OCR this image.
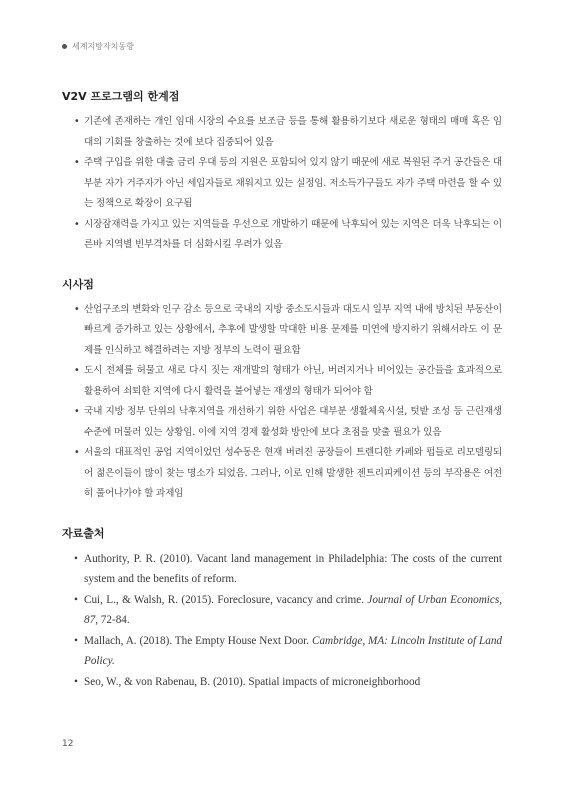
세계지방자치동향
V2V 프로그램의 한계점
• 기존에 존재하는 개인 임대 시장의 수요를 보조금 등을 통해 활용하기보다 새로운 형태의 매매 혹은 임대의 기회를 창출하는 것에 보다 집중되어 있음
• 주택 구입을 위한 대출 금리 우대 등의 지원은 포함되어 있지 않기 때문에 새로 복원된 주거 공간들은 대부분 자가 거주자가 아닌 세입자들로 채워지고 있는 실정임. 저소득가구들도 자가 주택 마련을 할 수 있는 정책으로 확장이 요구됨
• 시장잠재력을 가지고 있는 지역들을 우선으로 개발하기 때문에 낙후되어 있는 지역은 더욱 낙후되는 이른바 지역별 빈부격차를 더 심화시킬 우려가 있음
시사점
• 산업구조의 변화와 인구 감소 등으로 국내의 지방 중소도시들과 대도시 일부 지역 내에 방치된 부동산이 빠르게 증가하고 있는 상황에서, 추후에 발생할 막대한 비용 문제를 미연에 방지하기 위해서라도 이 문제를 인식하고 해결하려는 지방 정부의 노력이 필요함
• 도시 전체를 허물고 새로 다시 짓는 재개발의 형태가 아닌, 버려지거나 비어있는 공간들을 효과적으로 활용하여 쇠퇴한 지역에 다시 활력을 불어넣는 재생의 형태가 되어야 함
• 국내 지방 정부 단위의 낙후지역을 개선하기 위한 사업은 대부분 생활체육시설, 텃밭 조성 등 근린재생 수준에 머물러 있는 상황임. 이에 지역 경제 활성화 방안에 보다 초점을 맞출 필요가 있음
• 서울의 대표적인 공업 지역이었던 성수동은 현재 버려진 공장들이 트렌디한 카페와 펍들로 리모델링되어 젊은이들이 많이 찾는 명소가 되었음. 그러나, 이로 인해 발생한 젠트리피케이션 등의 부작용은 여전히 풀어나가야 할 과제임
자료출처
• Authority, P. R. (2010). Vacant land management in Philadelphia: The costs of the current system and the benefits of reform.
• Cui, L., & Walsh, R. (2015). Foreclosure, vacancy and crime. Journal of Urban Economics, 87, 72-84.
• Mallach, A. (2018). The Empty House Next Door. Cambridge, MA: Lincoln Institute of Land Policy.
• Seo, W., & von Rabenau, B. (2010). Spatial impacts of microneighborhood
12
